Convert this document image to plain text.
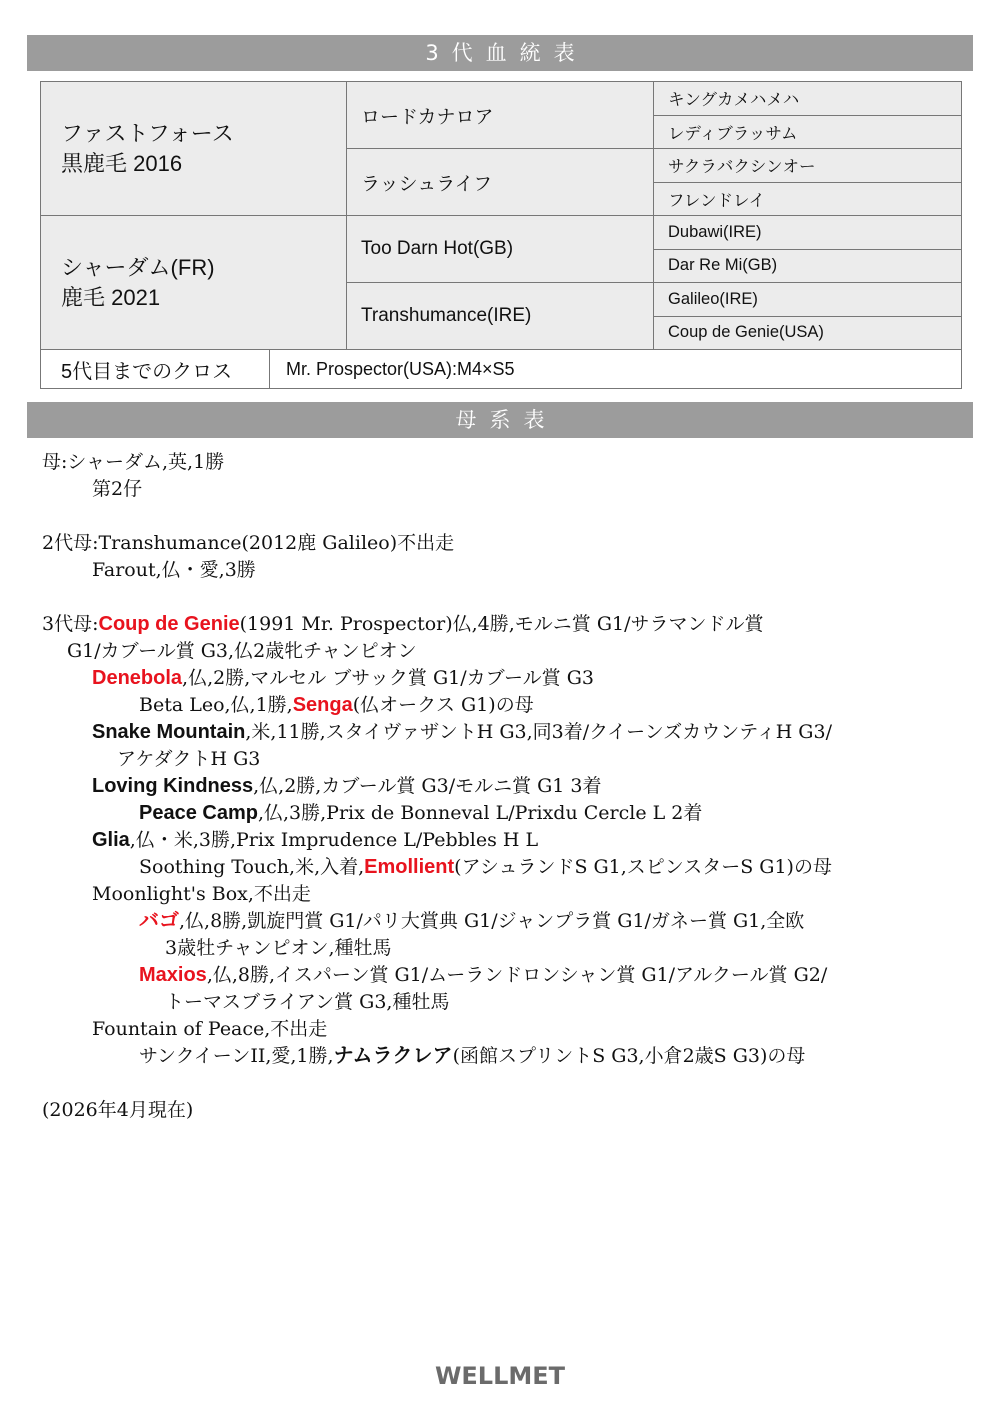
3代血統表
ファストフォース
黒鹿毛 2016		ロードカナロア	キングカメハメハ
			レディブラッサム
		ラッシュライフ	サクラバクシンオー
			フレンドレイ

シャーダム(FR)
鹿毛 2021		Too Darn Hot(GB)	Dubawi(IRE)
			Dar Re Mi(GB)
		Transhumance(IRE)	Galileo(IRE)
			Coup de Genie(USA)
5代目までのクロス	Mr. Prospector(USA):M4×S5		
母系表
母:シャーダム,英,1勝
第2仔
2代母:Transhumance(2012鹿 Galileo)不出走
Farout,仏・愛,3勝
3代母:Coup de Genie(1991 Mr. Prospector)仏,4勝,モルニ賞 G1/サラマンドル賞
G1/カブール賞 G3,仏2歳牝チャンピオン
Denebola,仏,2勝,マルセル ブサック賞 G1/カブール賞 G3
Beta Leo,仏,1勝,Senga(仏オークス G1)の母
Snake Mountain,米,11勝,スタイヴァザントH G3,同3着/クイーンズカウンティH G3/
アケダクトH G3
Loving Kindness,仏,2勝,カブール賞 G3/モルニ賞 G1 3着
Peace Camp,仏,3勝,Prix de Bonneval L/Prixdu Cercle L 2着
Glia,仏・米,3勝,Prix Imprudence L/Pebbles H L
Soothing Touch,米,入着,Emollient(アシュランドS G1,スピンスターS G1)の母
Moonlight's Box,不出走
バゴ,仏,8勝,凱旋門賞 G1/パリ大賞典 G1/ジャンプラ賞 G1/ガネー賞 G1,全欧
3歳牡チャンピオン,種牡馬
Maxios,仏,8勝,イスパーン賞 G1/ムーランドロンシャン賞 G1/アルクール賞 G2/
トーマスブライアン賞 G3,種牡馬
Fountain of Peace,不出走
サンクイーンII,愛,1勝,ナムラクレア(函館スプリントS G3,小倉2歳S G3)の母
(2026年4月現在)
WELLMET
